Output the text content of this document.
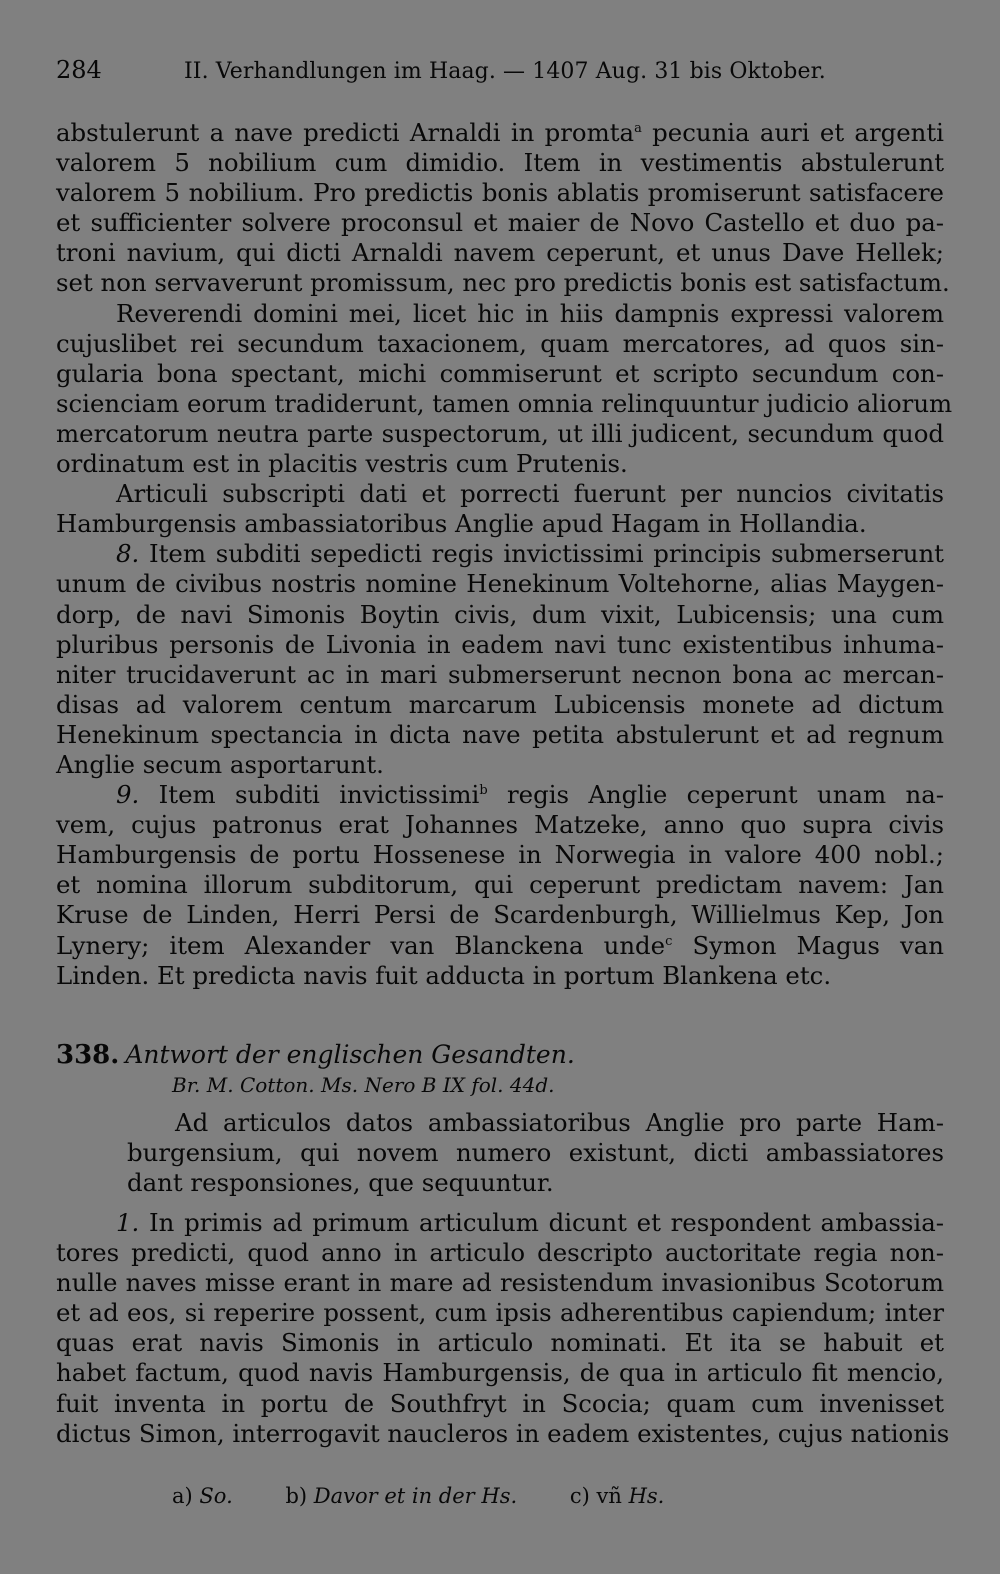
284	II. Verhandlungen im Haag. — 1407 Aug. 31 bis Oktober.
abstulerunt a nave predicti Arnaldi in promta$^a$ pecunia auri et argenti
valorem 5 nobilium cum dimidio. Item in vestimentis abstulerunt
valorem 5 nobilium. Pro predictis bonis ablatis promiserunt satisfacere
et sufficienter solvere proconsul et maier de Novo Castello et duo pa-
troni navium, qui dicti Arnaldi navem ceperunt, et unus Dave Hellek;
set non servaverunt promissum, nec pro predictis bonis est satisfactum.
Reverendi domini mei, licet hic in hiis dampnis expressi valorem
cujuslibet rei secundum taxacionem, quam mercatores, ad quos sin-
gularia bona spectant, michi commiserunt et scripto secundum con-
scienciam eorum tradiderunt, tamen omnia relinquuntur judicio aliorum
mercatorum neutra parte suspectorum, ut illi judicent, secundum quod
ordinatum est in placitis vestris cum Prutenis.
Articuli subscripti dati et porrecti fuerunt per nuncios civitatis
Hamburgensis ambassiatoribus Anglie apud Hagam in Hollandia.
8. Item subditi sepedicti regis invictissimi principis submerserunt
unum de civibus nostris nomine Henekinum Voltehorne, alias Maygen-
dorp, de navi Simonis Boytin civis, dum vixit, Lubicensis; una cum
pluribus personis de Livonia in eadem navi tunc existentibus inhuma-
niter trucidaverunt ac in mari submerserunt necnon bona ac mercan-
disas ad valorem centum marcarum Lubicensis monete ad dictum
Henekinum spectancia in dicta nave petita abstulerunt et ad regnum
Anglie secum asportarunt.
9. Item subditi invictissimi$^b$ regis Anglie ceperunt unam na-
vem, cujus patronus erat Johannes Matzeke, anno quo supra civis
Hamburgensis de portu Hossenese in Norwegia in valore 400 nobl.;
et nomina illorum subditorum, qui ceperunt predictam navem: Jan
Kruse de Linden, Herri Persi de Scardenburgh, Willielmus Kep, Jon
Lynery; item Alexander van Blanckena unde$^c$ Symon Magus van
Linden. Et predicta navis fuit adducta in portum Blankena etc.
338. Antwort der englischen Gesandten.
Br. M. Cotton. Ms. Nero B IX fol. 44d.
Ad articulos datos ambassiatoribus Anglie pro parte Ham-
burgensium, qui novem numero existunt, dicti ambassiatores
dant responsiones, que sequuntur.
1. In primis ad primum articulum dicunt et respondent ambassia-
tores predicti, quod anno in articulo descripto auctoritate regia non-
nulle naves misse erant in mare ad resistendum invasionibus Scotorum
et ad eos, si reperire possent, cum ipsis adherentibus capiendum; inter
quas erat navis Simonis in articulo nominati. Et ita se habuit et
habet factum, quod navis Hamburgensis, de qua in articulo fit mencio,
fuit inventa in portu de Southfryt in Scocia; quam cum invenisset
dictus Simon, interrogavit naucleros in eadem existentes, cujus nationis
a) So.	b) Davor et in der Hs.	c) vñ Hs.
